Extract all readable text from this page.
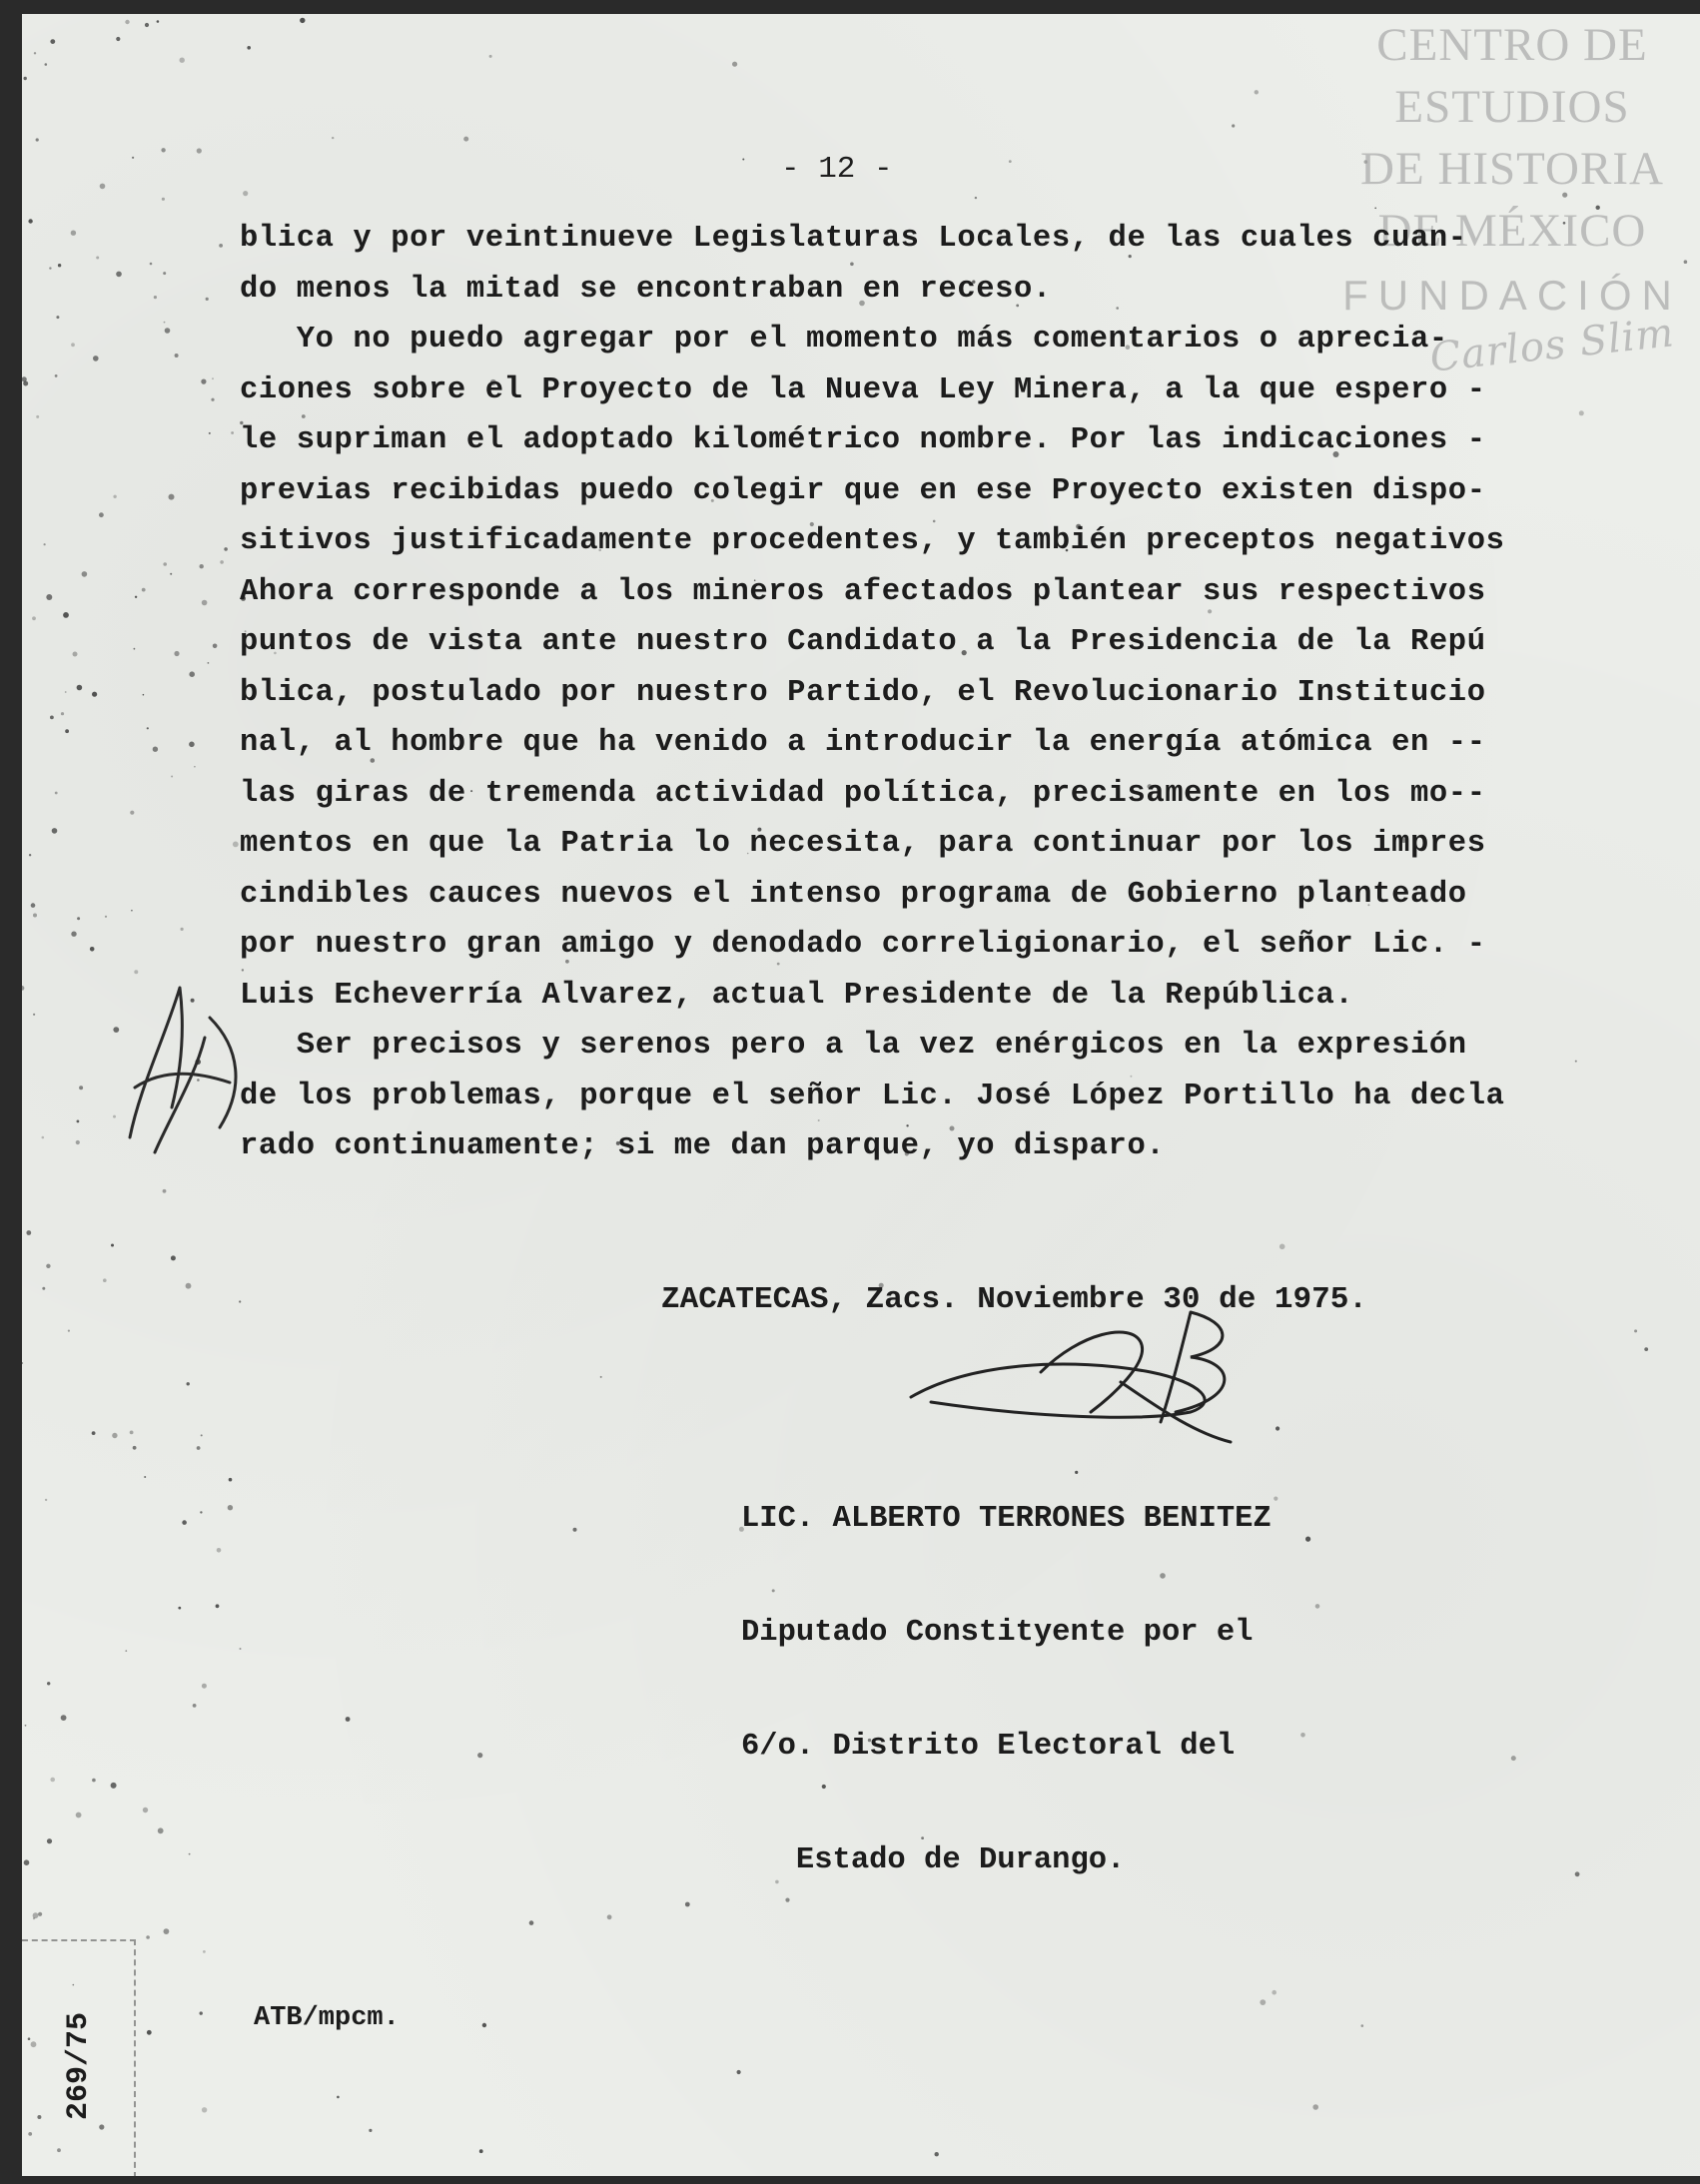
CENTRO DE
ESTUDIOS
DE HISTORIA
DE MÉXICO
FUNDACIÓN
Carlos Slim
- 12 -

blica y por veintinueve Legislaturas Locales, de las cuales cuan-

do menos la mitad se encontraban en receso.

Yo no puedo agregar por el momento más comentarios o aprecia-

ciones sobre el Proyecto de la Nueva Ley Minera, a la que espero -

le supriman el adoptado kilométrico nombre. Por las indicaciones -

previas recibidas puedo colegir que en ese Proyecto existen dispo-

sitivos justificadamente procedentes, y también preceptos negativos

Ahora corresponde a los mineros afectados plantear sus respectivos

puntos de vista ante nuestro Candidato a la Presidencia de la Repú

blica, postulado por nuestro Partido, el Revolucionario Institucio

nal, al hombre que ha venido a introducir la energía atómica en --

las giras de tremenda actividad política, precisamente en los mo--

mentos en que la Patria lo necesita, para continuar por los impres

cindibles cauces nuevos el intenso programa de Gobierno planteado

por nuestro gran amigo y denodado correligionario, el señor Lic. -

Luis Echeverría Alvarez, actual Presidente de la República.

Ser precisos y serenos pero a la vez enérgicos en la expresión

de los problemas, porque el señor Lic. José López Portillo ha decla

rado continuamente; si me dan parque, yo disparo.

ZACATECAS, Zacs. Noviembre 30 de 1975.

LIC. ALBERTO TERRONES BENITEZ

Diputado Constityente por el

6/o. Distrito Electoral del

Estado de Durango.

ATB/mpcm.
269/75
